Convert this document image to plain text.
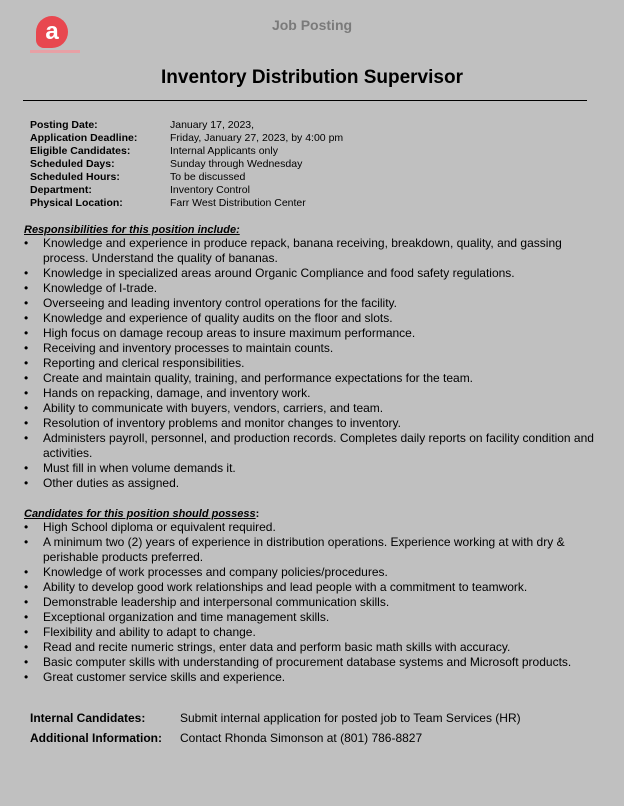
a	Job Posting
Inventory Distribution Supervisor
Posting Date:	January 17, 2023,
Application Deadline:	Friday, January 27, 2023, by 4:00 pm
Eligible Candidates:	Internal Applicants only
Scheduled Days:	Sunday through Wednesday
Scheduled Hours:	To be discussed
Department:	Inventory Control
Physical Location:	Farr West Distribution Center
Responsibilities for this position include:
• Knowledge and experience in produce repack, banana receiving, breakdown, quality, and gassing process. Understand the quality of bananas.
• Knowledge in specialized areas around Organic Compliance and food safety regulations.
• Knowledge of I-trade.
• Overseeing and leading inventory control operations for the facility.
• Knowledge and experience of quality audits on the floor and slots.
• High focus on damage recoup areas to insure maximum performance.
• Receiving and inventory processes to maintain counts.
• Reporting and clerical responsibilities.
• Create and maintain quality, training, and performance expectations for the team.
• Hands on repacking, damage, and inventory work.
• Ability to communicate with buyers, vendors, carriers, and team.
• Resolution of inventory problems and monitor changes to inventory.
• Administers payroll, personnel, and production records. Completes daily reports on facility condition and activities.
• Must fill in when volume demands it.
• Other duties as assigned.
Candidates for this position should possess:
• High School diploma or equivalent required.
• A minimum two (2) years of experience in distribution operations. Experience working at with dry & perishable products preferred.
• Knowledge of work processes and company policies/procedures.
• Ability to develop good work relationships and lead people with a commitment to teamwork.
• Demonstrable leadership and interpersonal communication skills.
• Exceptional organization and time management skills.
• Flexibility and ability to adapt to change.
• Read and recite numeric strings, enter data and perform basic math skills with accuracy.
• Basic computer skills with understanding of procurement database systems and Microsoft products.
• Great customer service skills and experience.
Internal Candidates:	Submit internal application for posted job to Team Services (HR)
Additional Information:	Contact Rhonda Simonson at (801) 786-8827
